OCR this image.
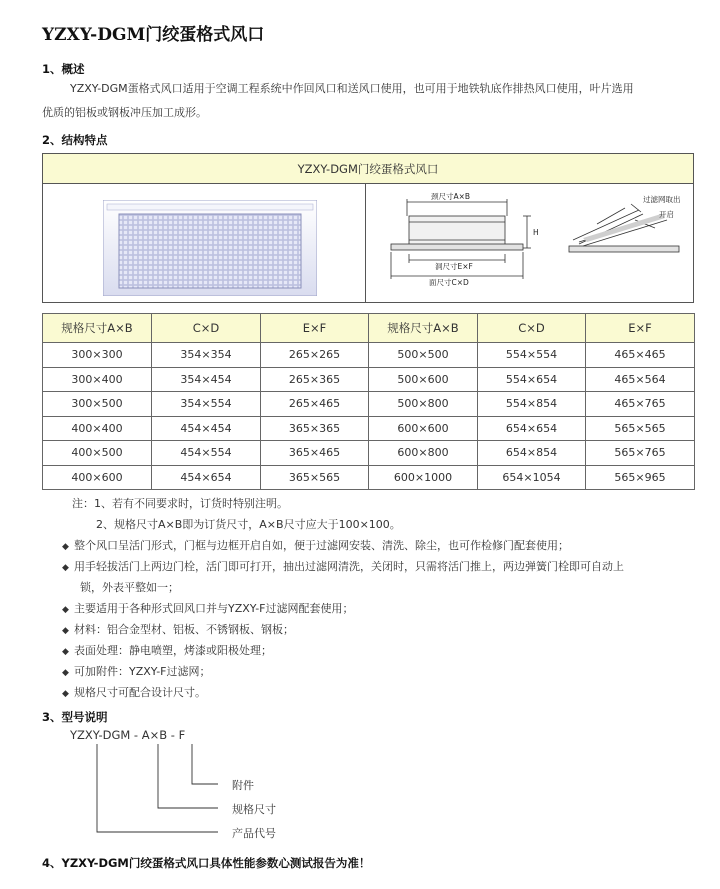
YZXY-DGM门绞蛋格式风口
1、概述
YZXY-DGM蛋格式风口适用于空调工程系统中作回风口和送风口使用，也可用于地铁轨底作排热风口使用，叶片选用
优质的铝板或钢板冲压加工成形。
2、结构特点
YZXY-DGM门绞蛋格式风口
颈尺寸A×B
H
洞尺寸E×F
面尺寸C×D
过滤网取出
开启
规格尺寸A×B	C×D	E×F	规格尺寸A×B	C×D	E×F
300×300	354×354	265×265	500×500	554×554	465×465
300×400	354×454	265×365	500×600	554×654	465×564
300×500	354×554	265×465	500×800	554×854	465×765
400×400	454×454	365×365	600×600	654×654	565×565
400×500	454×554	365×465	600×800	654×854	565×765
400×600	454×654	365×565	600×1000	654×1054	565×965
注：1、若有不同要求时，订货时特别注明。
2、规格尺寸A×B即为订货尺寸，A×B尺寸应大于100×100。
◆ 整个风口呈活门形式，门框与边框开启自如，便于过滤网安装、清洗、除尘，也可作检修门配套使用；
◆ 用手轻拔活门上两边门栓，活门即可打开，抽出过滤网清洗，关闭时，只需将活门推上，两边弹簧门栓即可自动上
锁，外表平整如一；
◆ 主要适用于各种形式回风口并与YZXY-F过滤网配套使用；
◆ 材料：铝合金型材、铝板、不锈钢板、钢板；
◆ 表面处理：静电喷塑，烤漆或阳极处理；
◆ 可加附件：YZXY-F过滤网；
◆ 规格尺寸可配合设计尺寸。
3、型号说明
YZXY-DGM - A×B - F
附件
规格尺寸
产品代号
4、YZXY-DGM门绞蛋格式风口具体性能参数心测试报告为准！
